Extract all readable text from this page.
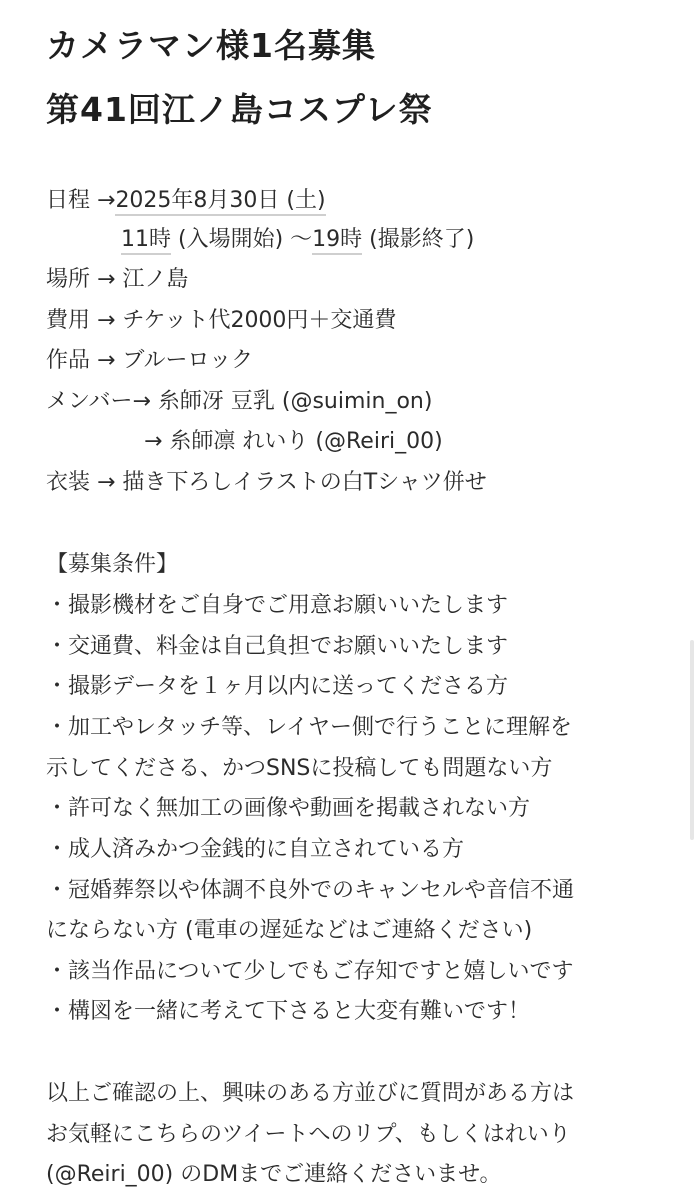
カメラマン様1名募集
第41回江ノ島コスプレ祭
日程 →2025年8月30日 (土)
11時 (入場開始) 〜19時 (撮影終了)
場所 → 江ノ島
費用 → チケット代2000円＋交通費
作品 → ブルーロック
メンバー→ 糸師冴 豆乳 (@suimin_on)
→ 糸師凛 れいり (@Reiri_00)
衣装 → 描き下ろしイラストの白Tシャツ併せ
【募集条件】
・撮影機材をご自身でご用意お願いいたします
・交通費、料金は自己負担でお願いいたします
・撮影データを１ヶ月以内に送ってくださる方
・加工やレタッチ等、レイヤー側で行うことに理解を
示してくださる、かつSNSに投稿しても問題ない方
・許可なく無加工の画像や動画を掲載されない方
・成人済みかつ金銭的に自立されている方
・冠婚葬祭以や体調不良外でのキャンセルや音信不通
にならない方 (電車の遅延などはご連絡ください)
・該当作品について少しでもご存知ですと嬉しいです
・構図を一緒に考えて下さると大変有難いです！
以上ご確認の上、興味のある方並びに質問がある方は
お気軽にこちらのツイートへのリプ、もしくはれいり
(@Reiri_00) のDMまでご連絡くださいませ。
